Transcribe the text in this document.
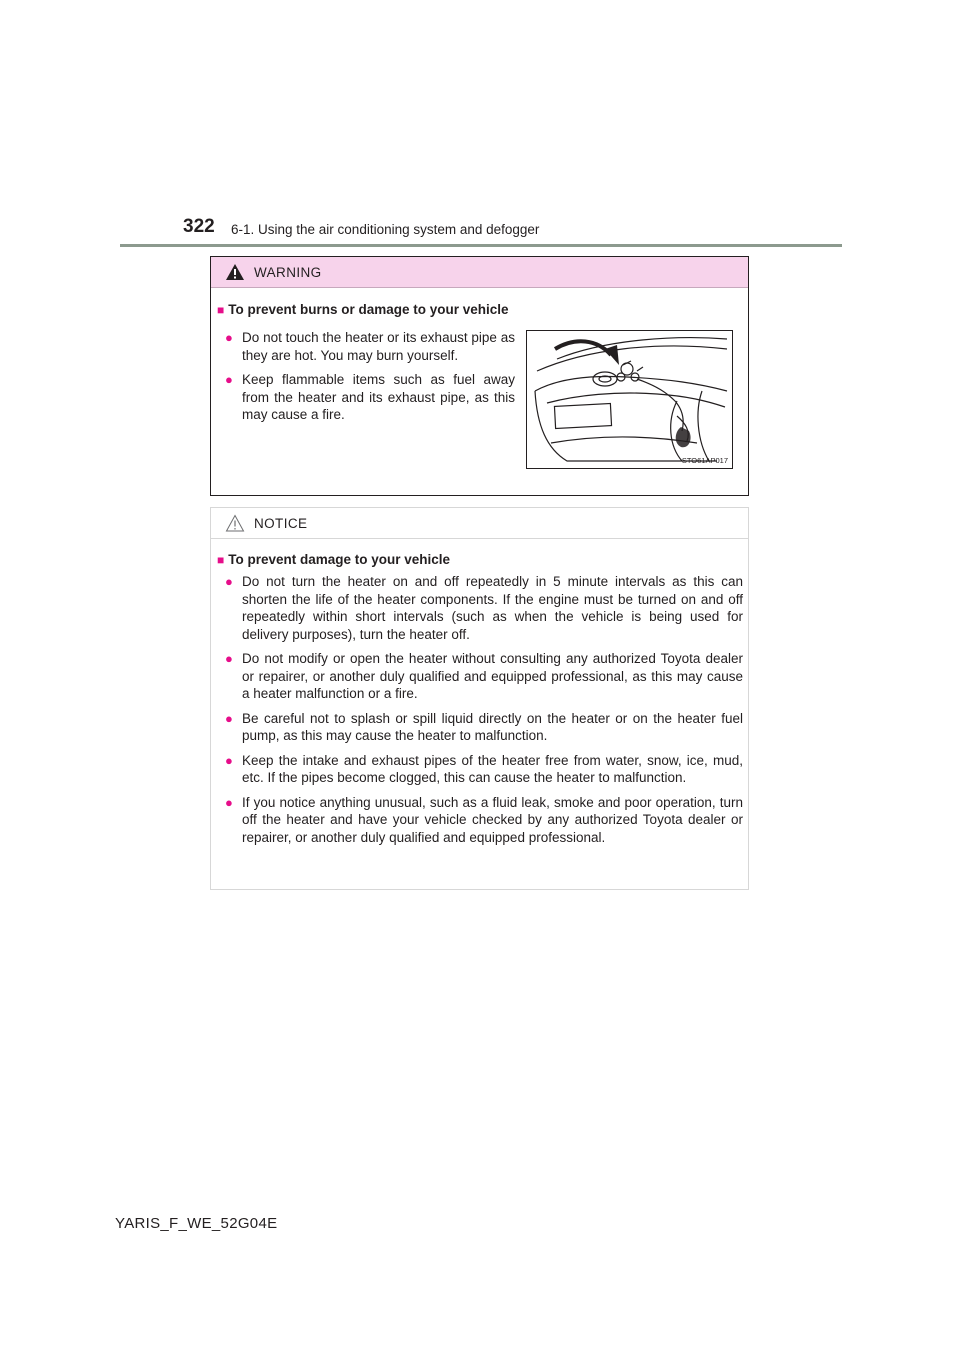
322 6-1. Using the air conditioning system and defogger
WARNING
■ To prevent burns or damage to your vehicle
● Do not touch the heater or its exhaust pipe as they are hot. You may burn yourself.
● Keep flammable items such as fuel away from the heater and its exhaust pipe, as this may cause a fire.
STO61AP017
NOTICE
■ To prevent damage to your vehicle
● Do not turn the heater on and off repeatedly in 5 minute intervals as this can shorten the life of the heater components. If the engine must be turned on and off repeatedly within short intervals (such as when the vehicle is being used for delivery purposes), turn the heater off.
● Do not modify or open the heater without consulting any authorized Toyota dealer or repairer, or another duly qualified and equipped professional, as this may cause a heater malfunction or a fire.
● Be careful not to splash or spill liquid directly on the heater or on the heater fuel pump, as this may cause the heater to malfunction.
● Keep the intake and exhaust pipes of the heater free from water, snow, ice, mud, etc. If the pipes become clogged, this can cause the heater to malfunction.
● If you notice anything unusual, such as a fluid leak, smoke and poor operation, turn off the heater and have your vehicle checked by any authorized Toyota dealer or repairer, or another duly qualified and equipped professional.
YARIS_F_WE_52G04E
